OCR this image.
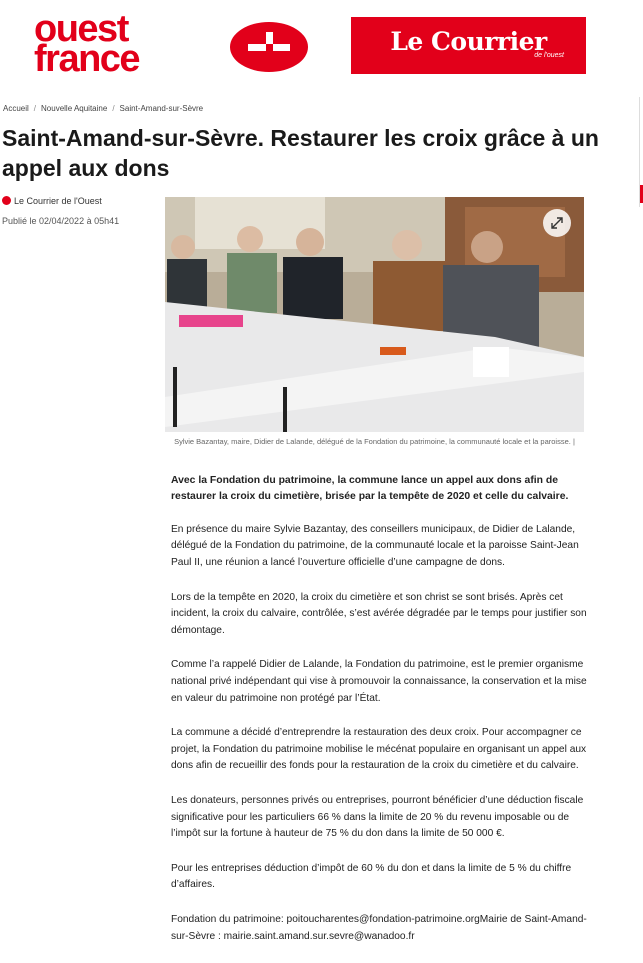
ouest
france	Le Courrier
de l'ouest
Accueil / Nouvelle Aquitaine / Saint-Amand-sur-Sèvre
Saint-Amand-sur-Sèvre. Restaurer les croix grâce à un appel aux dons
Le Courrier de l'Ouest
Publié le 02/04/2022 à 05h41
Sylvie Bazantay, maire, Didier de Lalande, délégué de la Fondation du patrimoine, la communauté locale et la paroisse. |

Avec la Fondation du patrimoine, la commune lance un appel aux dons afin de restaurer la croix du cimetière, brisée par la tempête de 2020 et celle du calvaire.

En présence du maire Sylvie Bazantay, des conseillers municipaux, de Didier de Lalande, délégué de la Fondation du patrimoine, de la communauté locale et la paroisse Saint-Jean Paul II, une réunion a lancé l’ouverture officielle d’une campagne de dons.

Lors de la tempête en 2020, la croix du cimetière et son christ se sont brisés. Après cet incident, la croix du calvaire, contrôlée, s’est avérée dégradée par le temps pour justifier son démontage.

Comme l’a rappelé Didier de Lalande, la Fondation du patrimoine, est le premier organisme national privé indépendant qui vise à promouvoir la connaissance, la conservation et la mise en valeur du patrimoine non protégé par l’État.

La commune a décidé d’entreprendre la restauration des deux croix. Pour accompagner ce projet, la Fondation du patrimoine mobilise le mécénat populaire en organisant un appel aux dons afin de recueillir des fonds pour la restauration de la croix du cimetière et du calvaire.

Les donateurs, personnes privés ou entreprises, pourront bénéficier d’une déduction fiscale significative pour les particuliers 66 % dans la limite de 20 % du revenu imposable ou de l’impôt sur la fortune à hauteur de 75 % du don dans la limite de 50 000 €.

Pour les entreprises déduction d’impôt de 60 % du don et dans la limite de 5 % du chiffre d’affaires.

Fondation du patrimoine: poitoucharentes@fondation-patrimoine.orgMairie de Saint-Amand-sur-Sèvre : mairie.saint.amand.sur.sevre@wanadoo.fr
